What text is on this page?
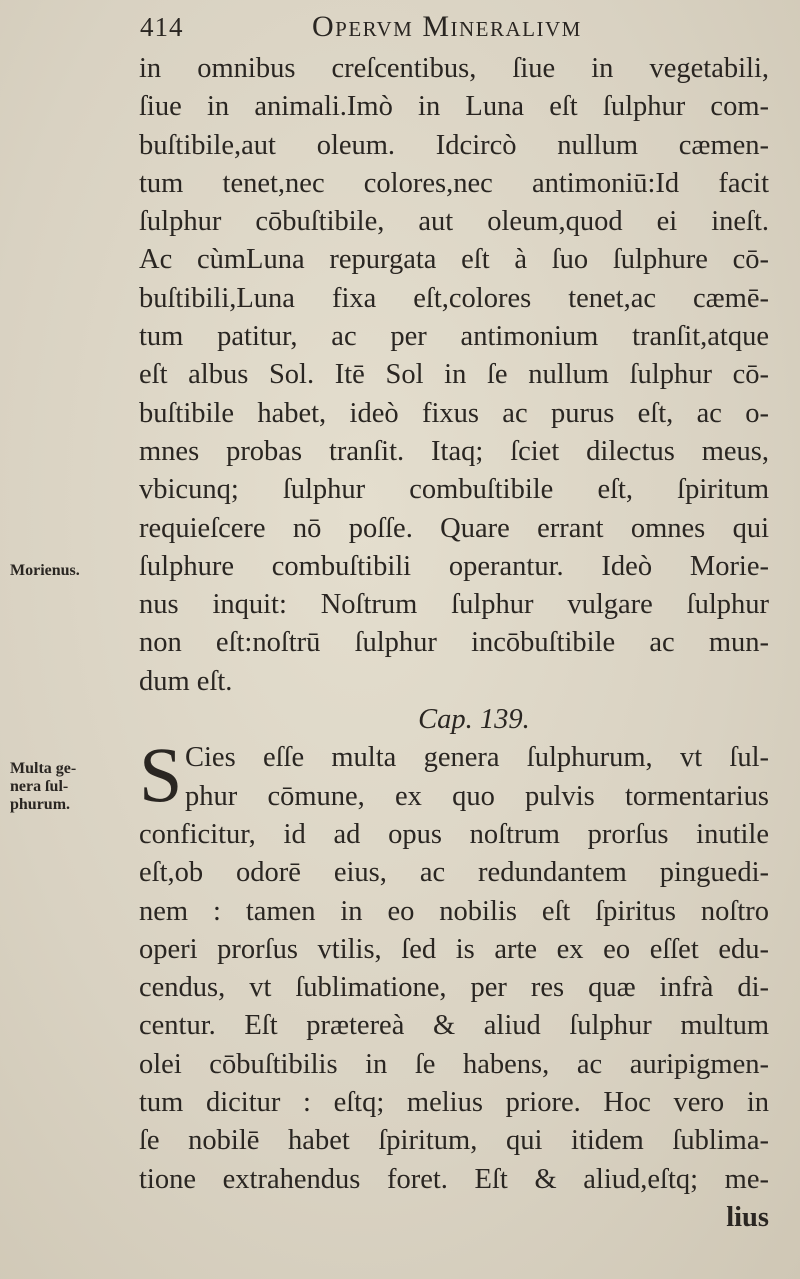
414	Opervm Mineralivm
Morienus.
Multa ge-
nera ſul-
phurum.
in omnibus creſcentibus, ſiue in vegetabili,
ſiue in animali.Imò in Luna eſt ſulphur com-
buſtibile,aut oleum. Idcircò nullum cæmen-
tum tenet,nec colores,nec antimoniū:Id facit
ſulphur cōbuſtibile, aut oleum,quod ei ineſt.
Ac cùmLuna repurgata eſt à ſuo ſulphure cō-
buſtibili,Luna fixa eſt,colores tenet,ac cæmē-
tum patitur, ac per antimonium tranſit,atque
eſt albus Sol. Itē Sol in ſe nullum ſulphur cō-
buſtibile habet, ideò fixus ac purus eſt, ac o-
mnes probas tranſit. Itaq; ſciet dilectus meus,
vbicunq; ſulphur combuſtibile eſt, ſpiritum
requieſcere nō poſſe. Quare errant omnes qui
ſulphure combuſtibili operantur. Ideò Morie-
nus inquit: Noſtrum ſulphur vulgare ſulphur
non eſt:noſtrū ſulphur incōbuſtibile ac mun-
dum eſt.
Cap. 139.
S Cies eſſe multa genera ſulphurum, vt ſul-
phur cōmune, ex quo pulvis tormentarius
conficitur, id ad opus noſtrum prorſus inutile
eſt,ob odorē eius, ac redundantem pinguedi-
nem : tamen in eo nobilis eſt ſpiritus noſtro
operi prorſus vtilis, ſed is arte ex eo eſſet edu-
cendus, vt ſublimatione, per res quæ infrà di-
centur. Eſt prætereà & aliud ſulphur multum
olei cōbuſtibilis in ſe habens, ac auripigmen-
tum dicitur : eſtq; melius priore. Hoc vero in
ſe nobilē habet ſpiritum, qui itidem ſublima-
tione extrahendus foret. Eſt & aliud,eſtq; me-
lius
